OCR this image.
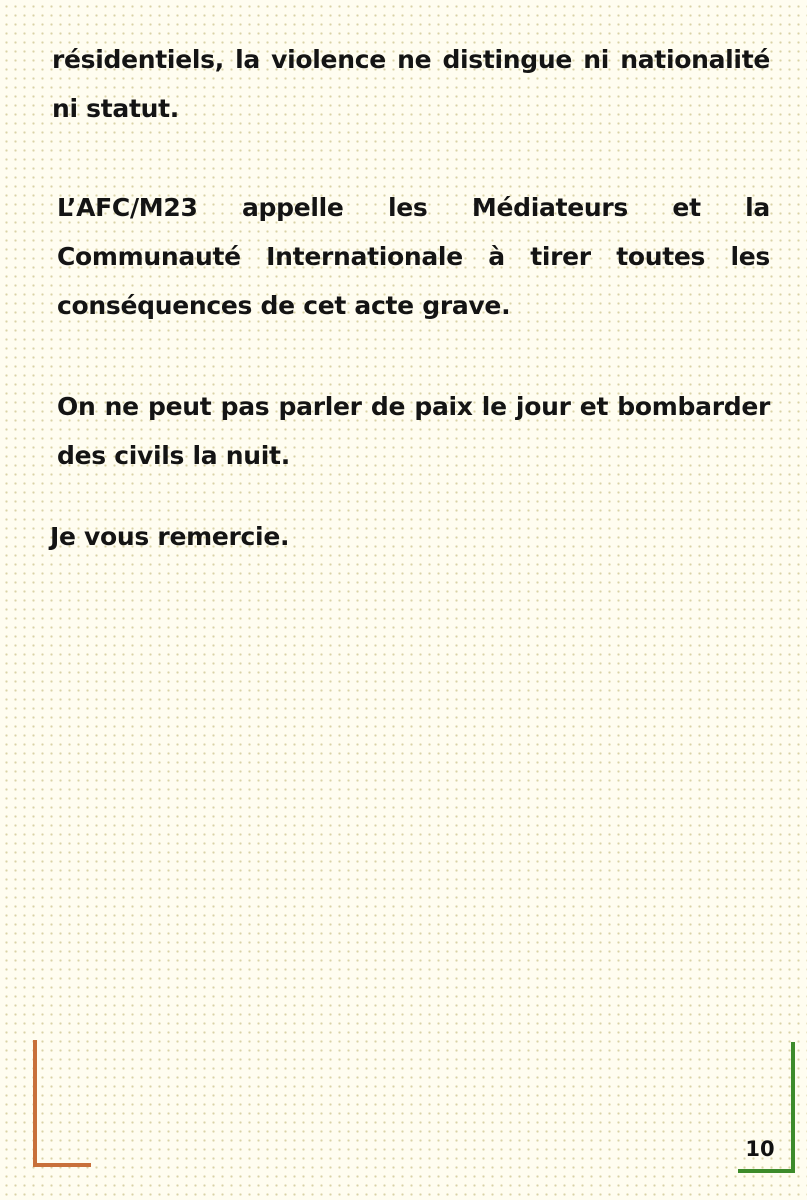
résidentiels, la violence ne distingue ni nationalité ni statut.

L’AFC/M23 appelle les Médiateurs et la Communauté Internationale à tirer toutes les conséquences de cet acte grave.

On ne peut pas parler de paix le jour et bombarder des civils la nuit.

Je vous remercie.

10
